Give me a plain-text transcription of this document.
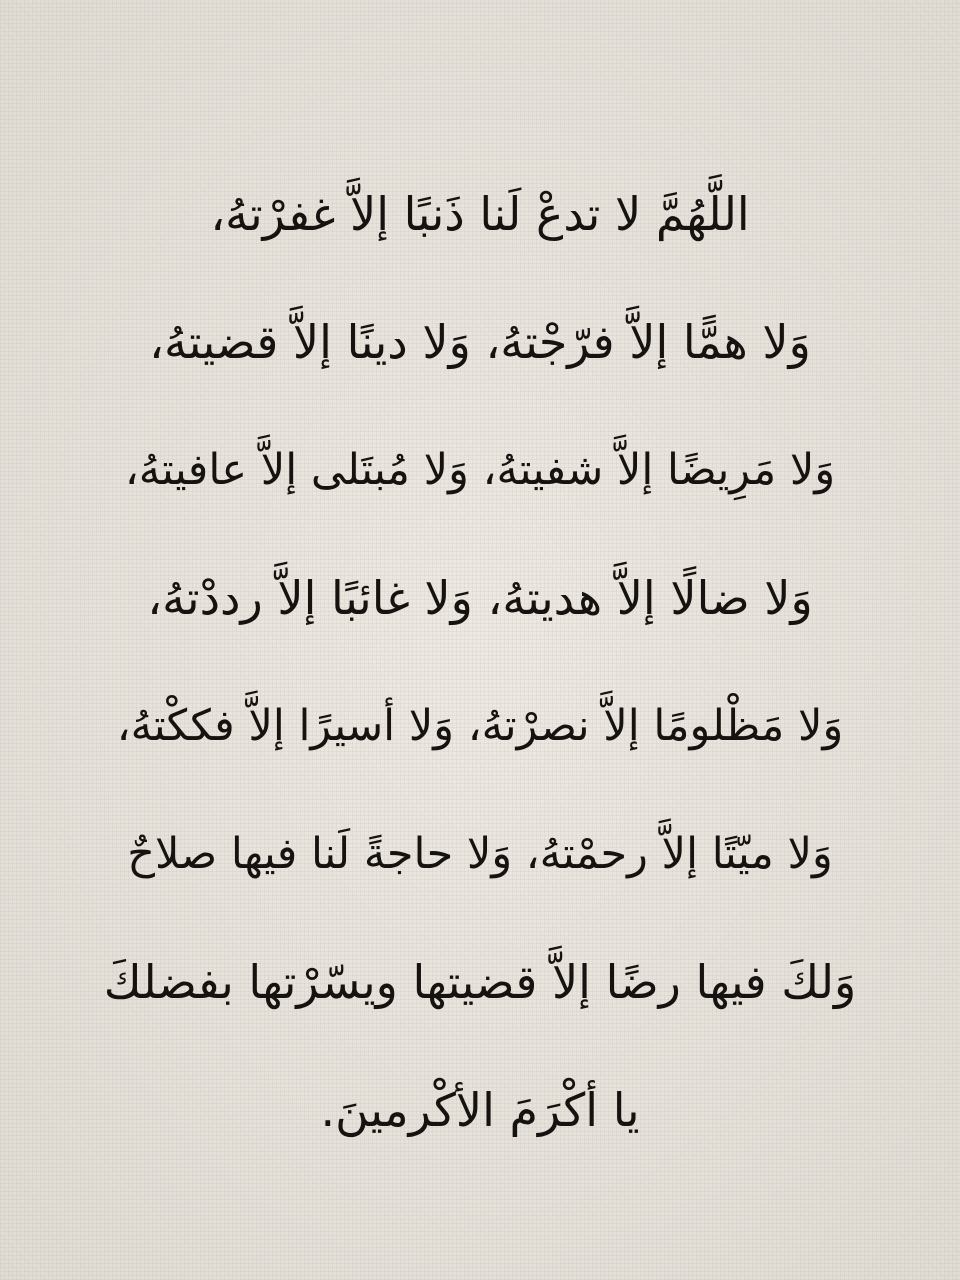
اللَّهُمَّ لا تدعْ لَنا ذَنبًا إلاَّ غفرْتهُ،
وَلا همًّا إلاَّ فرّجْتهُ، وَلا دينًا إلاَّ قضيتهُ،
وَلا مَرِيضًا إلاَّ شفيتهُ، وَلا مُبتَلى إلاَّ عافيتهُ،
وَلا ضالًا إلاَّ هديتهُ، وَلا غائبًا إلاَّ رددْتهُ،
وَلا مَظْلومًا إلاَّ نصرْتهُ، وَلا أسيرًا إلاَّ فككْتهُ،
وَلا ميّتًا إلاَّ رحمْتهُ، وَلا حاجةً لَنا فيها صلاحٌ
وَلكَ فيها رضًا إلاَّ قضيتها ويسّرْتها بفضلكَ
يا أكْرَمَ الأكْرمينَ.
